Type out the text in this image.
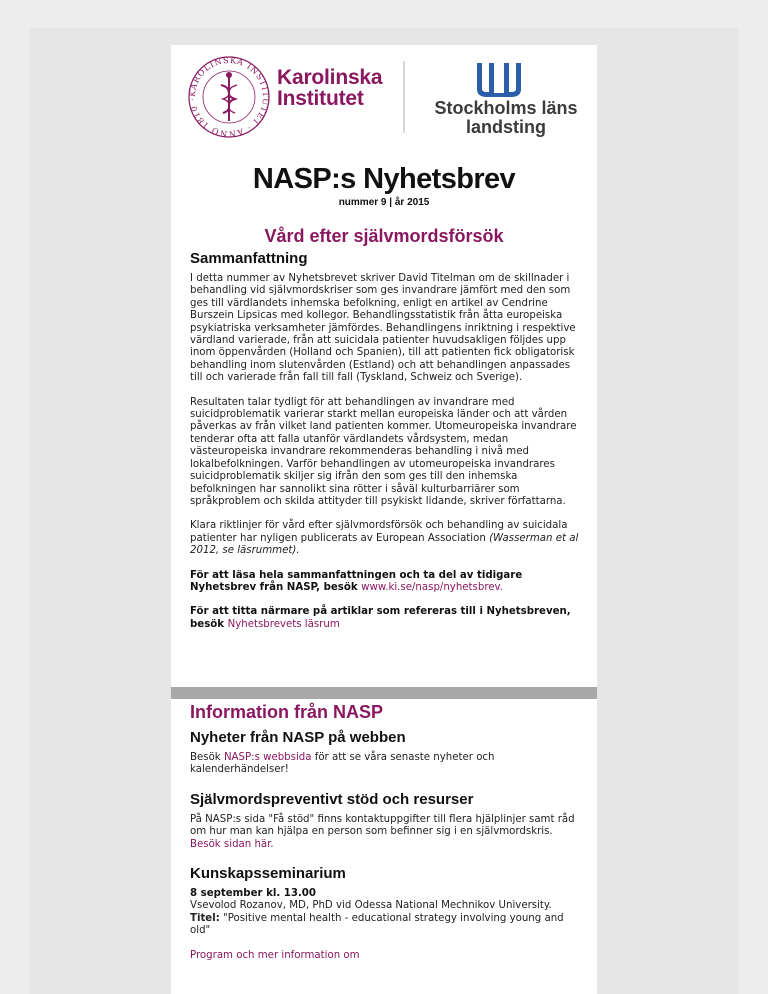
KAROLINSKA INSTITUTET · ANNO 1810 ·
Karolinska
Institutet	Stockholms läns
landsting
NASP:s Nyhetsbrev
nummer 9 | år 2015
Vård efter självmordsförsök
Sammanfattning

I detta nummer av Nyhetsbrevet skriver David Titelman om de skillnader i behandling vid självmordskriser som ges invandrare jämfört med den som ges till värdlandets inhemska befolkning, enligt en artikel av Cendrine Burszein Lipsicas med kollegor. Behandlingsstatistik från åtta europeiska psykiatriska verksamheter jämfördes. Behandlingens inriktning i respektive värdland varierade, från att suicidala patienter huvudsakligen följdes upp inom öppenvården (Holland och Spanien), till att patienten fick obligatorisk behandling inom slutenvården (Estland) och att behandlingen anpassades till och varierade från fall till fall (Tyskland, Schweiz och Sverige).

Resultaten talar tydligt för att behandlingen av invandrare med suicidproblematik varierar starkt mellan europeiska länder och att vården påverkas av från vilket land patienten kommer. Utomeuropeiska invandrare tenderar ofta att falla utanför värdlandets vårdsystem, medan västeuropeiska invandrare rekommenderas behandling i nivå med lokalbefolkningen. Varför behandlingen av utomeuropeiska invandrares suicidproblematik skiljer sig ifrån den som ges till den inhemska befolkningen har sannolikt sina rötter i såväl kulturbarriärer som språkproblem och skilda attityder till psykiskt lidande, skriver författarna.

Klara riktlinjer för vård efter självmordsförsök och behandling av suicidala patienter har nyligen publicerats av European Association (Wasserman et al 2012, se läsrummet).

För att läsa hela sammanfattningen och ta del av tidigare Nyhetsbrev från NASP, besök www.ki.se/nasp/nyhetsbrev.

För att titta närmare på artiklar som refereras till i Nyhetsbreven, besök Nyhetsbrevets läsrum

Information från NASP
Nyheter från NASP på webben

Besök NASP:s webbsida för att se våra senaste nyheter och kalenderhändelser!

Självmordspreventivt stöd och resurser

På NASP:s sida "Få stöd" finns kontaktuppgifter till flera hjälplinjer samt råd om hur man kan hjälpa en person som befinner sig i en självmordskris. Besök sidan här.

Kunskapsseminarium

8 september kl. 13.00

Vsevolod Rozanov, MD, PhD vid Odessa National Mechnikov University.

Titel: "Positive mental health - educational strategy involving young and old"

Program och mer information om
